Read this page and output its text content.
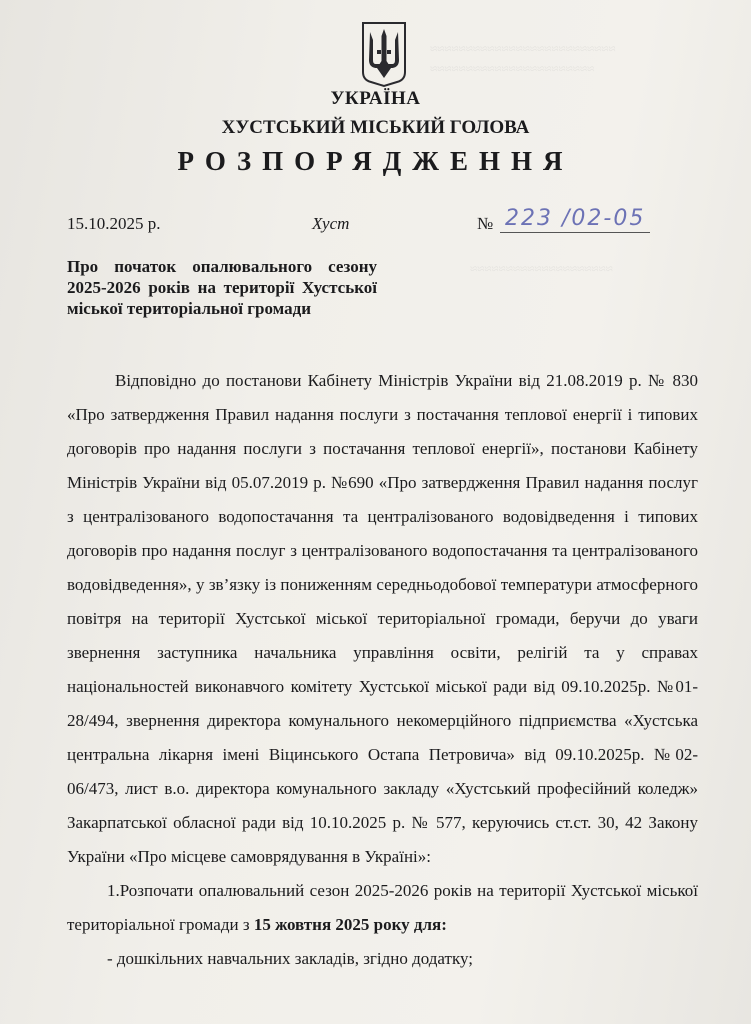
≈≈≈≈≈≈≈≈≈≈≈≈≈≈≈≈≈≈≈≈≈≈≈≈≈≈
≈≈≈≈≈≈≈≈≈≈≈≈≈≈≈≈≈≈≈≈≈≈≈
≈≈≈≈≈≈≈≈≈≈≈≈≈≈≈≈≈≈≈≈
УКРАЇНА
ХУСТСЬКИЙ МІСЬКИЙ ГОЛОВА
РОЗПОРЯДЖЕННЯ
15.10.2025 р.	Хуст	№ 223 /02-05
Про початок опалювального сезону 2025-2026 років на території Хустської міської територіальної громади

Відповідно до постанови Кабінету Міністрів України від 21.08.2019 р. № 830 «Про затвердження Правил надання послуги з постачання теплової енергії і типових договорів про надання послуги з постачання теплової енергії», постанови Кабінету Міністрів України від 05.07.2019 р. №690 «Про затвердження Правил надання послуг з централізованого водопостачання та централізованого водовідведення і типових договорів про надання послуг з централізованого водопостачання та централізованого водовідведення», у зв’язку із пониженням середньодобової температури атмосферного повітря на території Хустської міської територіальної громади, беручи до уваги звернення заступника начальника управління освіти, релігій та у справах національностей виконавчого комітету Хустської міської ради від 09.10.2025р. №01-28/494, звернення директора комунального некомерційного підприємства «Хустська центральна лікарня імені Віцинського Остапа Петровича» від 09.10.2025р. №02-06/473, лист в.о. директора комунального закладу «Хустський професійний коледж» Закарпатської обласної ради від 10.10.2025 р. № 577, керуючись ст.ст. 30, 42 Закону України «Про місцеве самоврядування в Україні»:

1.Розпочати опалювальний сезон 2025-2026 років на території Хустської міської територіальної громади з 15 жовтня 2025 року для:

- дошкільних навчальних закладів, згідно додатку;
